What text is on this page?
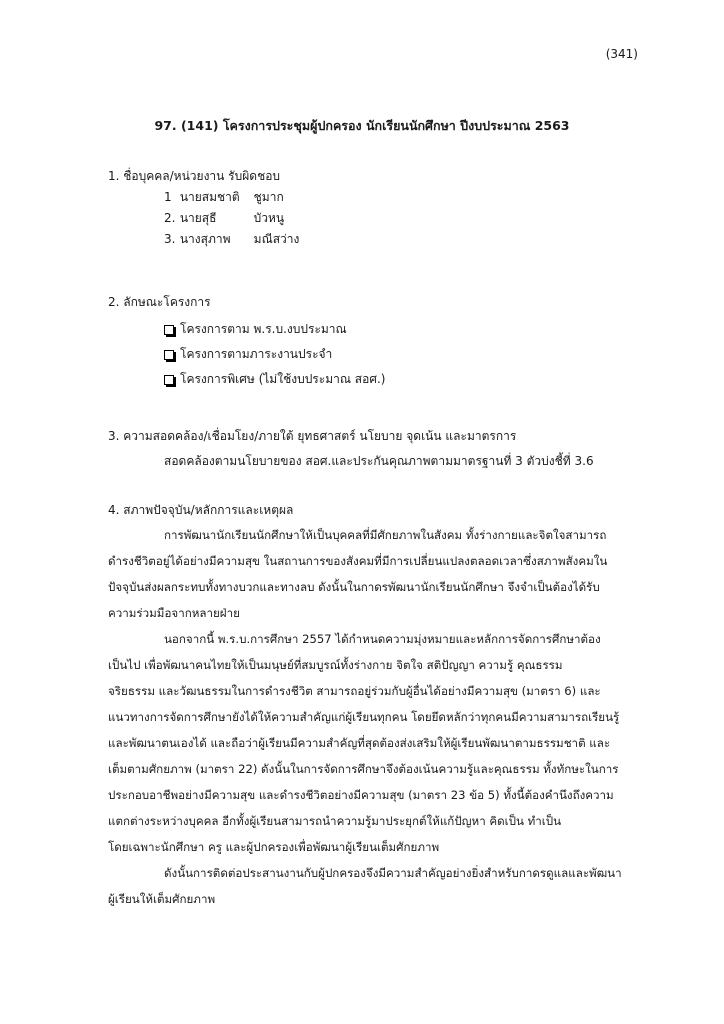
(341)
97. (141) โครงการประชุมผู้ปกครอง นักเรียนนักศึกษา ปีงบประมาณ 2563
1. ชื่อบุคคล/หน่วยงาน รับผิดชอบ
1 นายสมชาติ ชูมาก
2. นายสุธี	บัวหนู
3. นางสุภาพ มณีสว่าง
2. ลักษณะโครงการ
โครงการตาม พ.ร.บ.งบประมาณ
โครงการตามภาระงานประจำ
โครงการพิเศษ (ไม่ใช้งบประมาณ สอศ.)
3. ความสอดคล้อง/เชื่อมโยง/ภายใต้ ยุทธศาสตร์ นโยบาย จุดเน้น และมาตรการ
สอดคล้องตามนโยบายของ สอศ.และประกันคุณภาพตามมาตรฐานที่ 3 ตัวบ่งชี้ที่ 3.6
4. สภาพปัจจุบัน/หลักการและเหตุผล
การพัฒนานักเรียนนักศึกษาให้เป็นบุคคลที่มีศักยภาพในสังคม ทั้งร่างกายและจิตใจสามารถ
ดำรงชีวิตอยู่ได้อย่างมีความสุข ในสถานการของสังคมที่มีการเปลี่ยนแปลงตลอดเวลาซึ่งสภาพสังคมใน
ปัจจุบันส่งผลกระทบทั้งทางบวกและทางลบ ดังนั้นในกาดรพัฒนานักเรียนนักศึกษา จึงจำเป็นต้องได้รับ
ความร่วมมือจากหลายฝ่าย
นอกจากนี้ พ.ร.บ.การศึกษา 2557 ได้กำหนดความมุ่งหมายและหลักการจัดการศึกษาต้อง
เป็นไป เพื่อพัฒนาคนไทยให้เป็นมนุษย์ที่สมบูรณ์ทั้งร่างกาย จิตใจ สติปัญญา ความรู้ คุณธรรม
จริยธรรม และวัฒนธรรมในการดำรงชีวิต สามารถอยู่ร่วมกับผู้อื่นได้อย่างมีความสุข (มาตรา 6) และ
แนวทางการจัดการศึกษายังได้ให้ความสำคัญแก่ผู้เรียนทุกคน โดยยึดหลักว่าทุกคนมีความสามารถเรียนรู้
และพัฒนาตนเองได้ และถือว่าผู้เรียนมีความสำคัญที่สุดต้องส่งเสริมให้ผู้เรียนพัฒนาตามธรรมชาติ และ
เต็มตามศักยภาพ (มาตรา 22) ดังนั้นในการจัดการศึกษาจึงต้องเน้นความรู้และคุณธรรม ทั้งทักษะในการ
ประกอบอาชีพอย่างมีความสุข และดำรงชีวิตอย่างมีความสุข (มาตรา 23 ข้อ 5) ทั้งนี้ต้องคำนึงถึงความ
แตกต่างระหว่างบุคคล อีกทั้งผู้เรียนสามารถนำความรู้มาประยุกต์ให้แก้ปัญหา คิดเป็น ทำเป็น
โดยเฉพาะนักศึกษา ครู และผู้ปกครองเพื่อพัฒนาผู้เรียนเต็มศักยภาพ
ดังนั้นการติดต่อประสานงานกับผู้ปกครองจึงมีความสำคัญอย่างยิ่งสำหรับกาดรดูแลและพัฒนา
ผู้เรียนให้เต็มศักยภาพ
